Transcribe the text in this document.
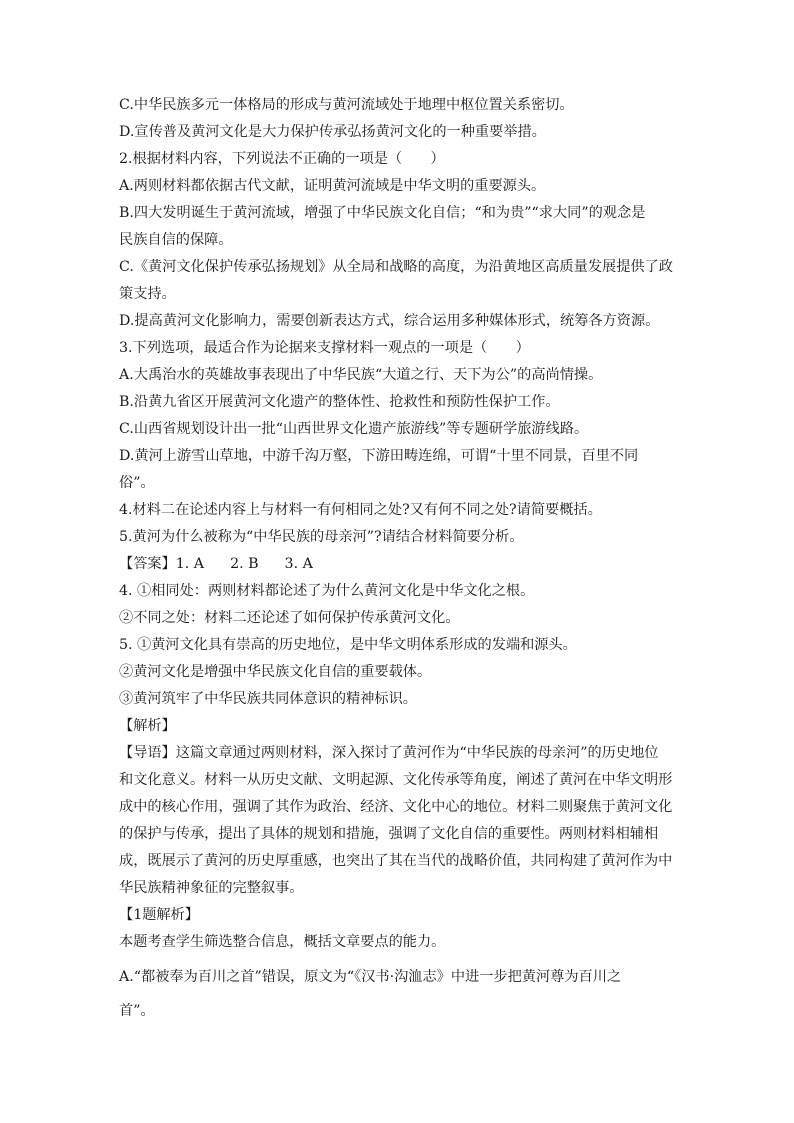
C.中华民族多元一体格局的形成与黄河流域处于地理中枢位置关系密切。
D.宣传普及黄河文化是大力保护传承弘扬黄河文化的一种重要举措。
2.根据材料内容，下列说法不正确的一项是（　　）
A.两则材料都依据古代文献，证明黄河流域是中华文明的重要源头。
B.四大发明诞生于黄河流域，增强了中华民族文化自信；“和为贵”“求大同”的观念是
民族自信的保障。
C.《黄河文化保护传承弘扬规划》从全局和战略的高度，为沿黄地区高质量发展提供了政
策支持。
D.提高黄河文化影响力，需要创新表达方式，综合运用多种媒体形式，统筹各方资源。
3.下列选项，最适合作为论据来支撑材料一观点的一项是（　　）
A.大禹治水的英雄故事表现出了中华民族“大道之行、天下为公”的高尚情操。
B.沿黄九省区开展黄河文化遗产的整体性、抢救性和预防性保护工作。
C.山西省规划设计出一批“山西世界文化遗产旅游线”等专题研学旅游线路。
D.黄河上游雪山草地，中游千沟万壑，下游田畴连绵，可谓“十里不同景，百里不同
俗”。
4.材料二在论述内容上与材料一有何相同之处?又有何不同之处?请简要概括。
5.黄河为什么被称为“中华民族的母亲河”?请结合材料简要分析。
【答案】1. A 2. B 3. A
4. ①相同处：两则材料都论述了为什么黄河文化是中华文化之根。
②不同之处：材料二还论述了如何保护传承黄河文化。
5. ①黄河文化具有崇高的历史地位，是中华文明体系形成的发端和源头。
②黄河文化是增强中华民族文化自信的重要载体。
③黄河筑牢了中华民族共同体意识的精神标识。
【解析】
【导语】这篇文章通过两则材料，深入探讨了黄河作为“中华民族的母亲河”的历史地位
和文化意义。材料一从历史文献、文明起源、文化传承等角度，阐述了黄河在中华文明形
成中的核心作用，强调了其作为政治、经济、文化中心的地位。材料二则聚焦于黄河文化
的保护与传承，提出了具体的规划和措施，强调了文化自信的重要性。两则材料相辅相
成，既展示了黄河的历史厚重感，也突出了其在当代的战略价值，共同构建了黄河作为中
华民族精神象征的完整叙事。
【1题解析】
本题考查学生筛选整合信息，概括文章要点的能力。
A.“都被奉为百川之首”错误，原文为“《汉书·沟洫志》中进一步把黄河尊为百川之
首”。
